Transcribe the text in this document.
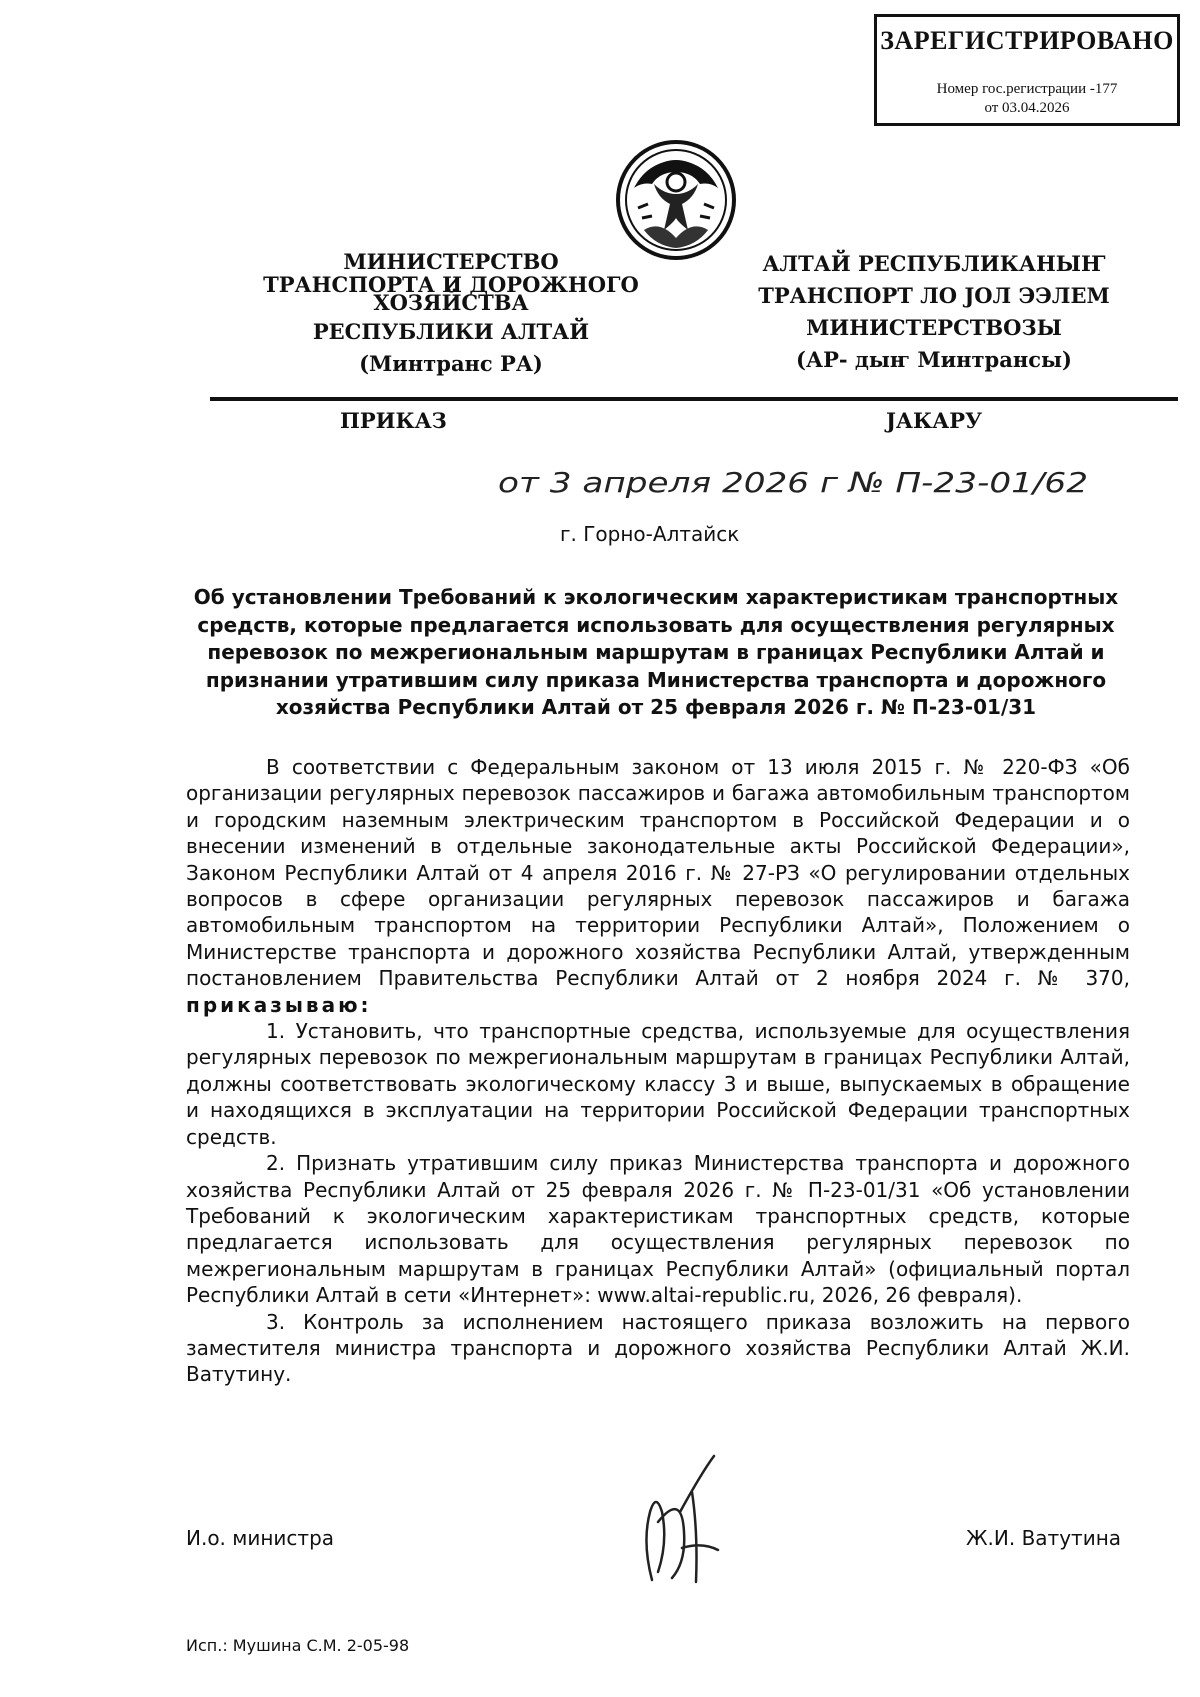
ЗАРЕГИСТРИРОВАНО
Номер гос.регистрации -177
от 03.04.2026
МИНИСТЕРСТВО
ТРАНСПОРТА И ДОРОЖНОГО
ХОЗЯЙСТВА
РЕСПУБЛИКИ АЛТАЙ
(Минтранс РА)
АЛТАЙ РЕСПУБЛИКАНЫҤ
ТРАНСПОРТ ЛО JОЛ ЭЭЛЕМ
МИНИСТЕРСТВОЗЫ
(АР- дыҥ Минтрансы)
ПРИКАЗ	JАКАРУ
от 3 апреля 2026 г № П-23-01/62
г. Горно-Алтайск
Об установлении Требований к экологическим характеристикам транспортных средств, которые предлагается использовать для осуществления регулярных перевозок по межрегиональным маршрутам в границах Республики Алтай и признании утратившим силу приказа Министерства транспорта и дорожного хозяйства Республики Алтай от 25 февраля 2026 г. № П-23-01/31

В соответствии с Федеральным законом от 13 июля 2015 г. № 220-ФЗ «Об организации регулярных перевозок пассажиров и багажа автомобильным транспортом и городским наземным электрическим транспортом в Российской Федерации и о внесении изменений в отдельные законодательные акты Российской Федерации», Законом Республики Алтай от 4 апреля 2016 г. № 27-РЗ «О регулировании отдельных вопросов в сфере организации регулярных перевозок пассажиров и багажа автомобильным транспортом на территории Республики Алтай», Положением о Министерстве транспорта и дорожного хозяйства Республики Алтай, утвержденным постановлением Правительства Республики Алтай от 2 ноября 2024 г. № 370, приказываю:

1. Установить, что транспортные средства, используемые для осуществления регулярных перевозок по межрегиональным маршрутам в границах Республики Алтай, должны соответствовать экологическому классу 3 и выше, выпускаемых в обращение и находящихся в эксплуатации на территории Российской Федерации транспортных средств.

2. Признать утратившим силу приказ Министерства транспорта и дорожного хозяйства Республики Алтай от 25 февраля 2026 г. № П-23-01/31 «Об установлении Требований к экологическим характеристикам транспортных средств, которые предлагается использовать для осуществления регулярных перевозок по межрегиональным маршрутам в границах Республики Алтай» (официальный портал Республики Алтай в сети «Интернет»: www.altai-republic.ru, 2026, 26 февраля).

3. Контроль за исполнением настоящего приказа возложить на первого заместителя министра транспорта и дорожного хозяйства Республики Алтай Ж.И. Ватутину.

И.о. министра	Ж.И. Ватутина
Исп.: Мушина С.М. 2-05-98
